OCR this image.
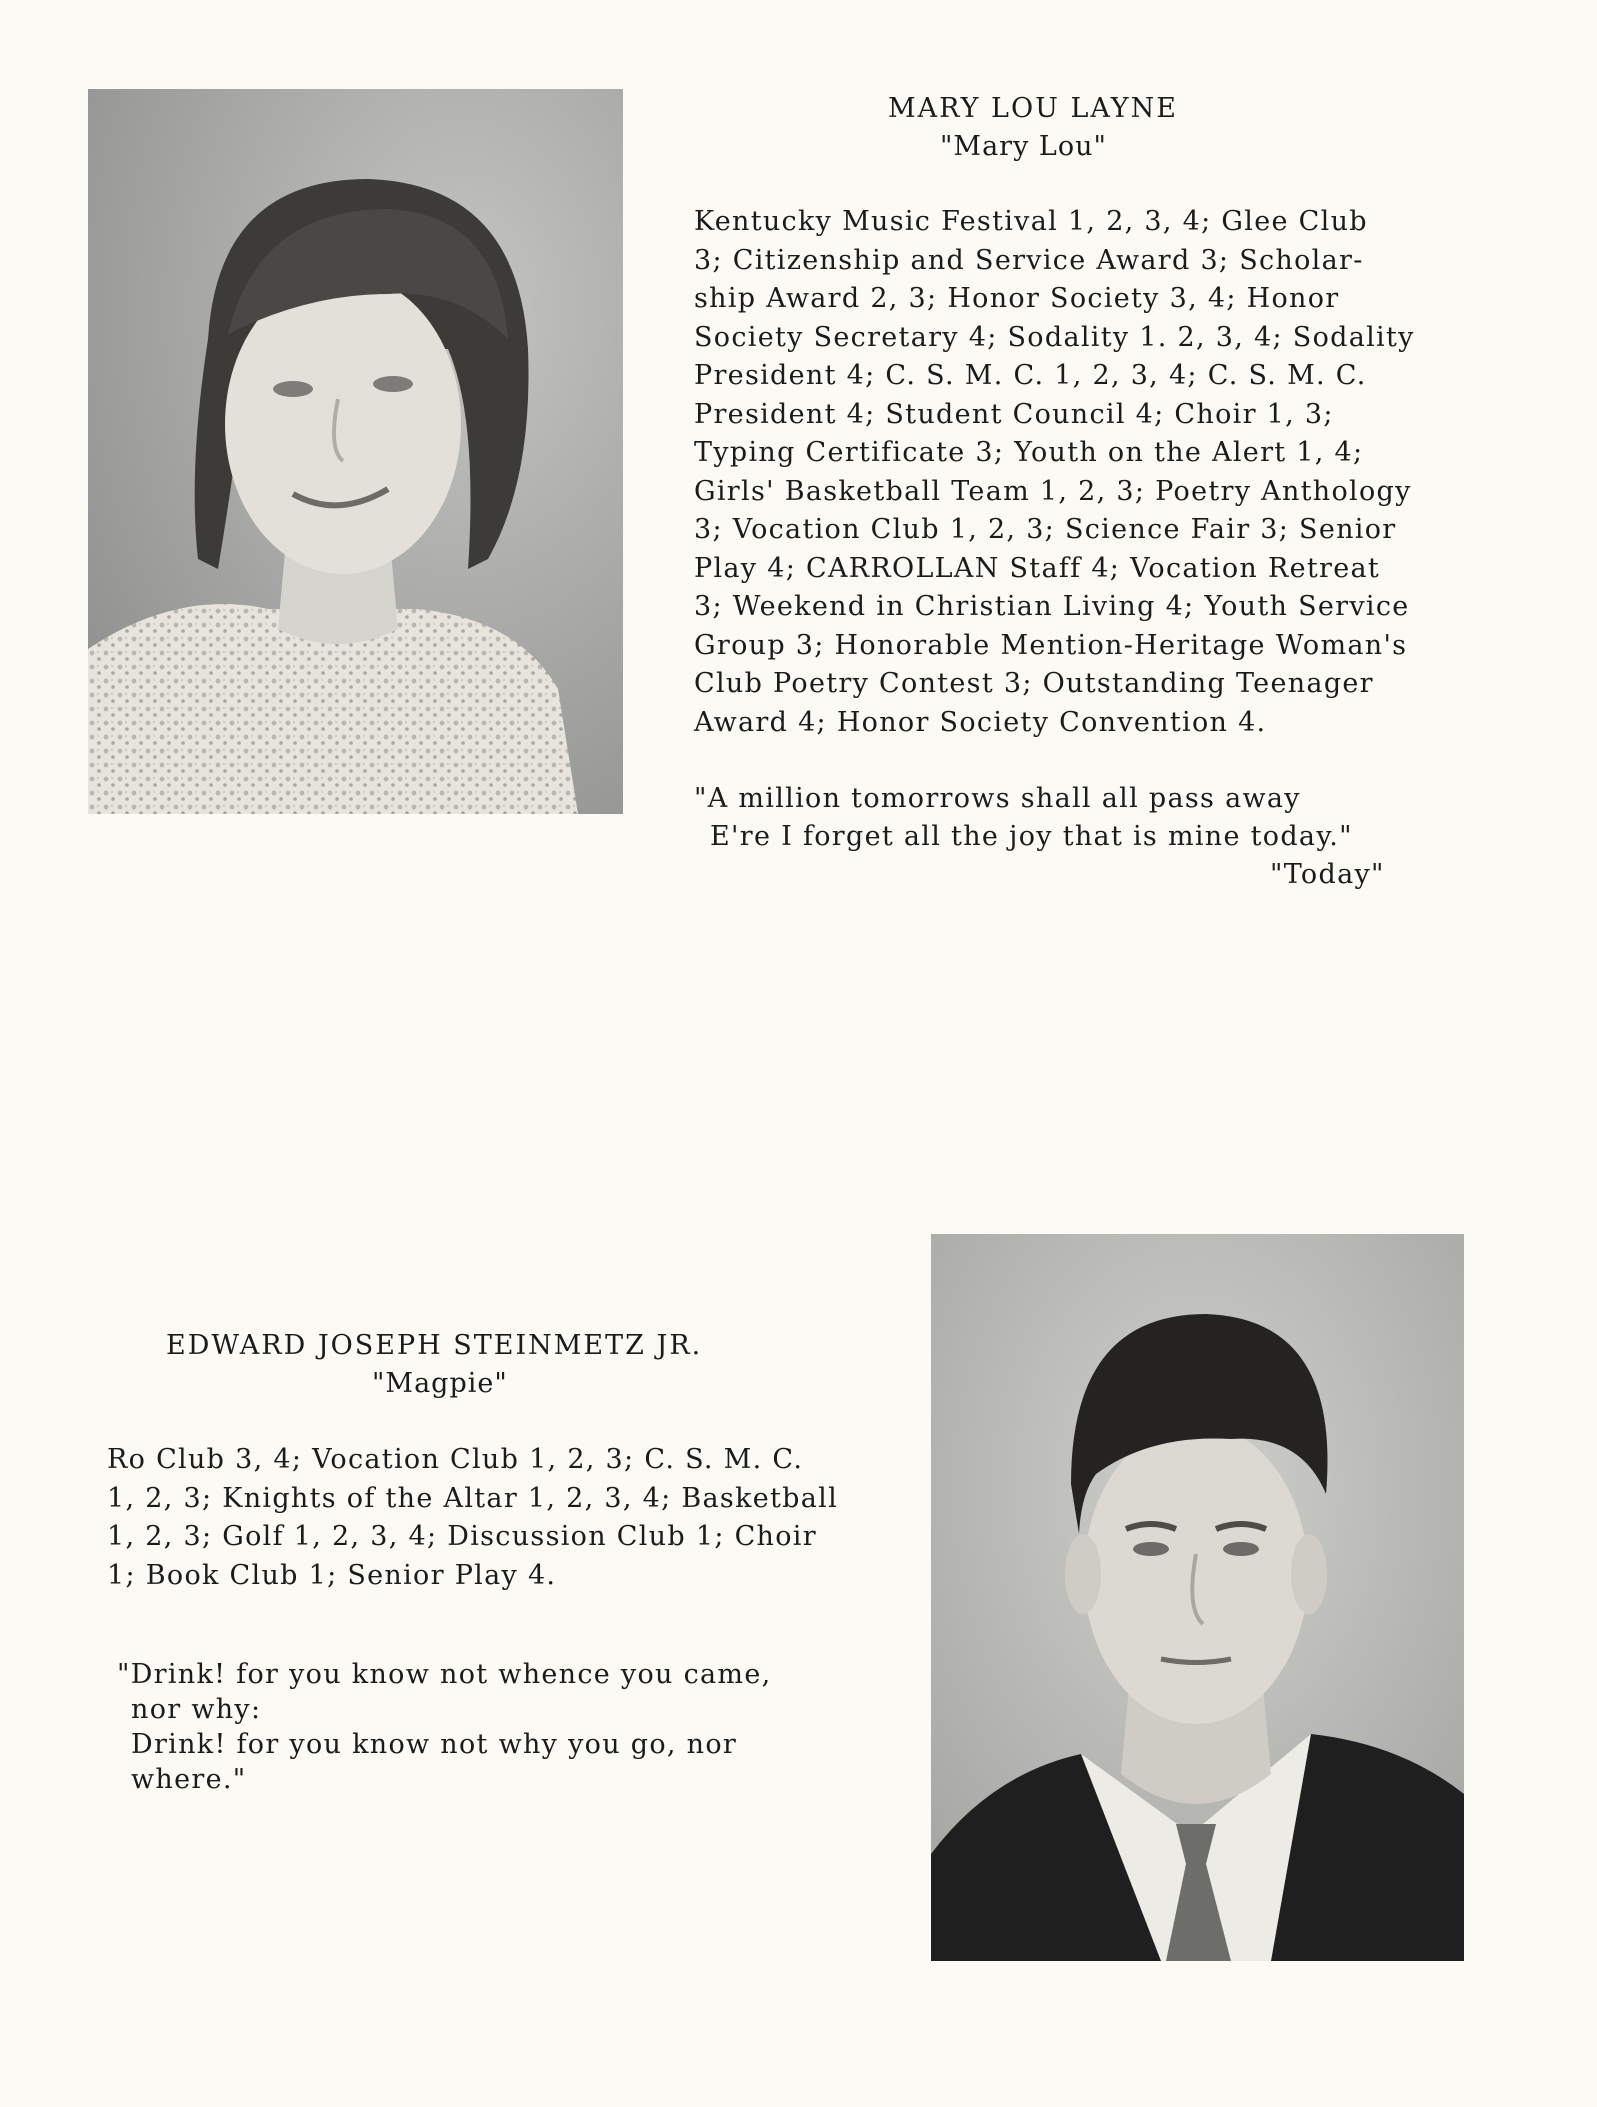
MARY LOU LAYNE
"Mary Lou"
Kentucky Music Festival 1, 2, 3, 4; Glee Club
3; Citizenship and Service Award 3; Scholar-
ship Award 2, 3; Honor Society 3, 4; Honor
Society Secretary 4; Sodality 1. 2, 3, 4; Sodality
President 4; C. S. M. C. 1, 2, 3, 4; C. S. M. C.
President 4; Student Council 4; Choir 1, 3;
Typing Certificate 3; Youth on the Alert 1, 4;
Girls' Basketball Team 1, 2, 3; Poetry Anthology
3; Vocation Club 1, 2, 3; Science Fair 3; Senior
Play 4; CARROLLAN Staff 4; Vocation Retreat
3; Weekend in Christian Living 4; Youth Service
Group 3; Honorable Mention-Heritage Woman's
Club Poetry Contest 3; Outstanding Teenager
Award 4; Honor Society Convention 4.
"A million tomorrows shall all pass away
E're I forget all the joy that is mine today."
"Today"
EDWARD JOSEPH STEINMETZ JR.
"Magpie"
Ro Club 3, 4; Vocation Club 1, 2, 3; C. S. M. C.
1, 2, 3; Knights of the Altar 1, 2, 3, 4; Basketball
1, 2, 3; Golf 1, 2, 3, 4; Discussion Club 1; Choir
1; Book Club 1; Senior Play 4.
"Drink! for you know not whence you came,
nor why:
Drink! for you know not why you go, nor
where."
